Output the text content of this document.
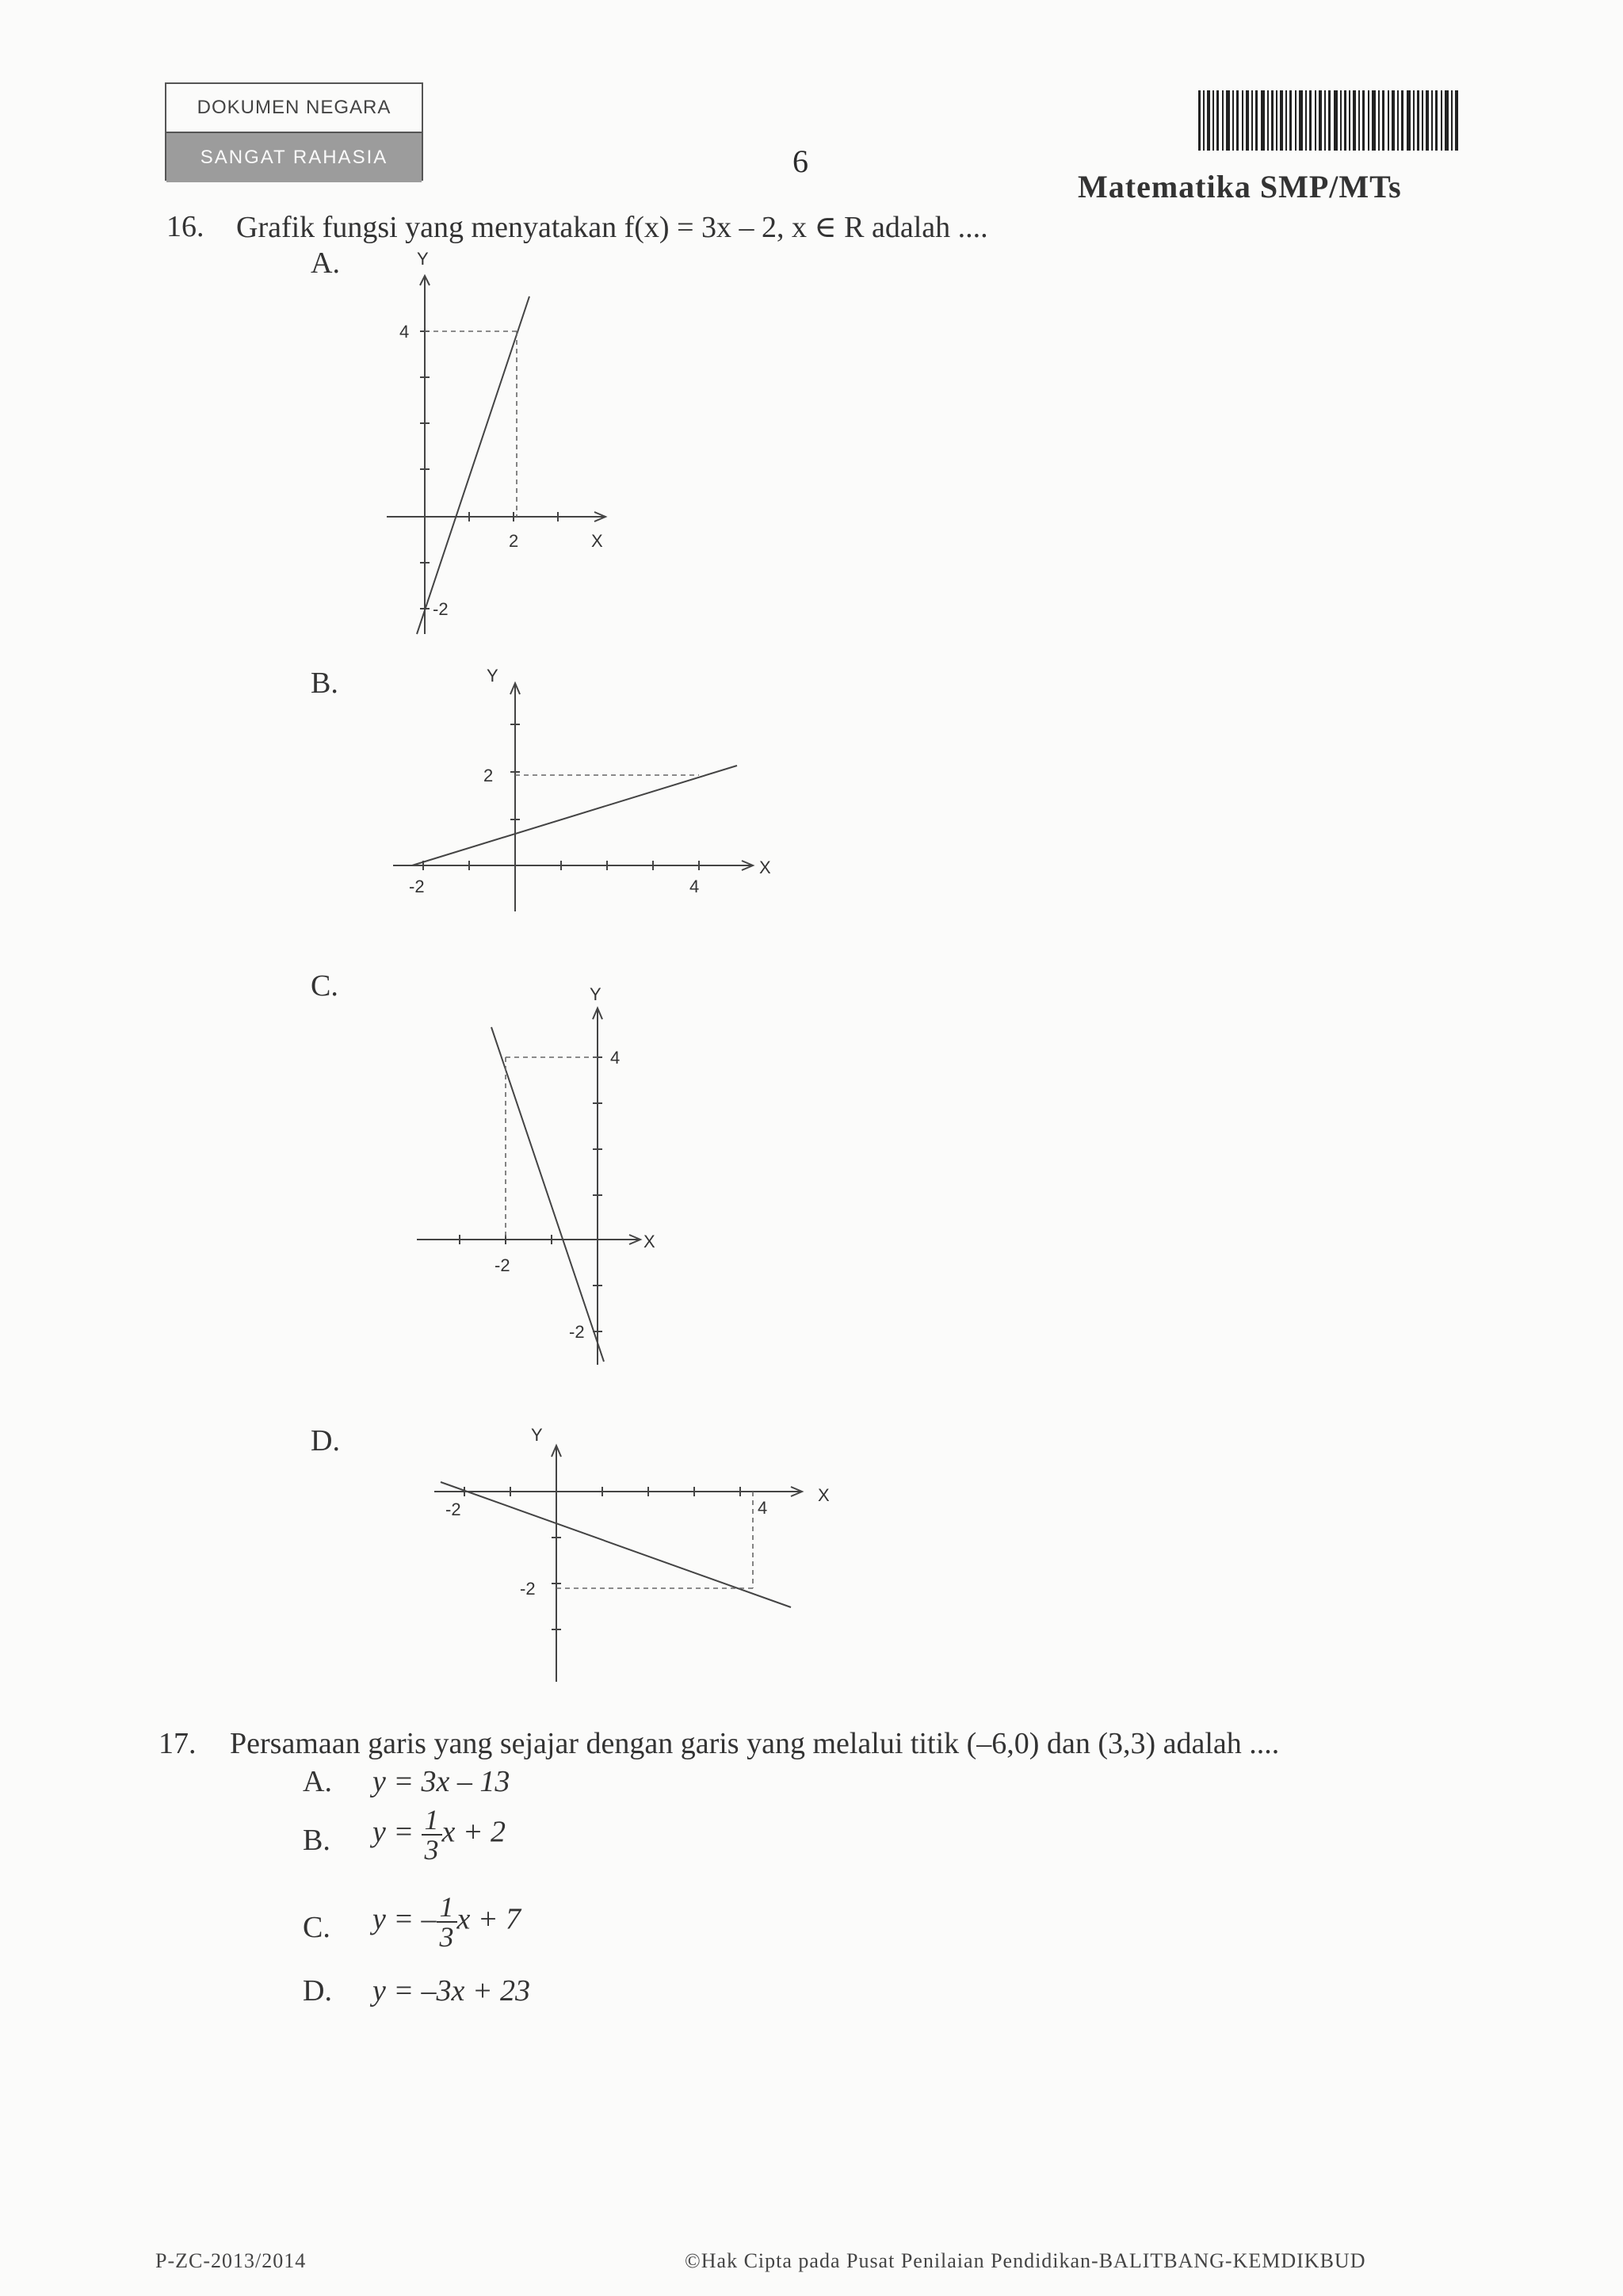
DOKUMEN NEGARA
SANGAT RAHASIA	6
Matematika SMP/MTs
16. Grafik fungsi yang menyatakan f(x) = 3x – 2, x ∈ R adalah ....
A.	Y
X
4
2
-2
B.	Y
X
2
-2	4
C.	Y
X
4
-2
-2
D.	Y
X
-2	4
-2
17. Persamaan garis yang sejajar dengan garis yang melalui titik (–6,0) dan (3,3) adalah ....
A. y = 3x – 13
B. $y = \frac{1}{3}$ x + 2
C. y = – $\frac{1}{3}$ x + 7
D. y = –3x + 23
P-ZC-2013/2014	©Hak Cipta pada Pusat Penilaian Pendidikan-BALITBANG-KEMDIKBUD
